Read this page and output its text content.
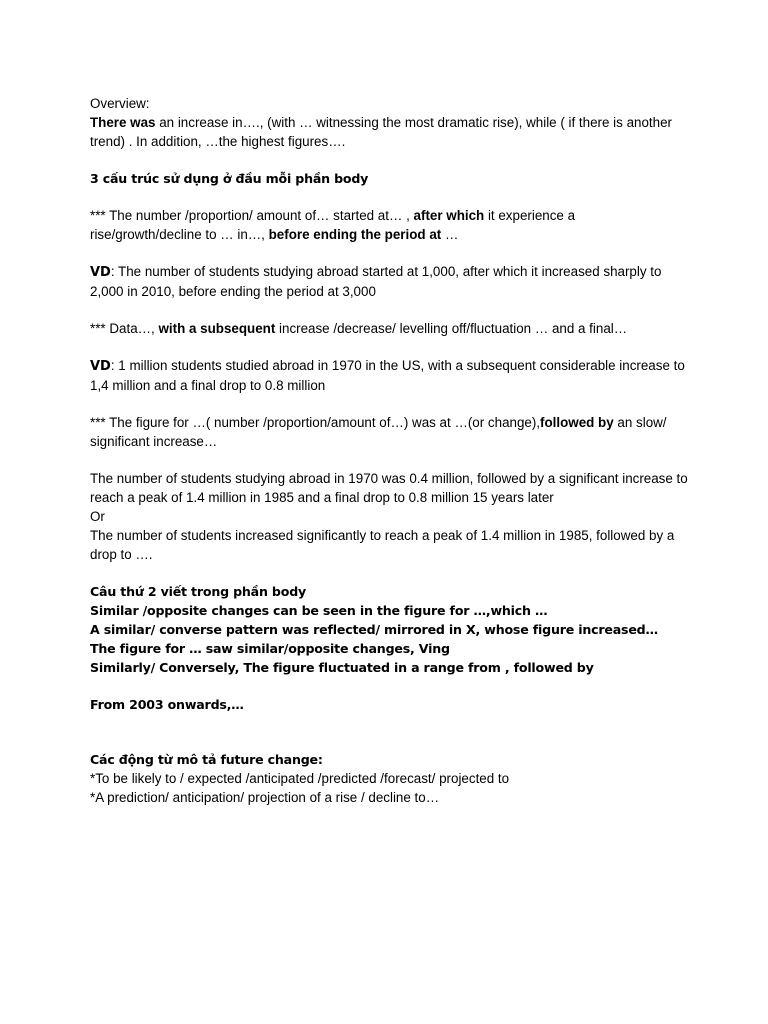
Overview:

There was an increase in…., (with … witnessing the most dramatic rise), while ( if there is another trend) . In addition, …the highest figures….

3 cấu trúc sử dụng ở đầu mỗi phần body

*** The number /proportion/ amount of… started at… , after which it experience a rise/growth/decline to … in…, before ending the period at …

VD: The number of students studying abroad started at 1,000, after which it increased sharply to 2,000 in 2010, before ending the period at 3,000

*** Data…, with a subsequent increase /decrease/ levelling off/fluctuation … and a final…

VD: 1 million students studied abroad in 1970 in the US, with a subsequent considerable increase to 1,4 million and a final drop to 0.8 million

*** The figure for …( number /proportion/amount of…) was at …(or change),followed by an slow/ significant increase…

The number of students studying abroad in 1970 was 0.4 million, followed by a significant increase to reach a peak of 1.4 million in 1985 and a final drop to 0.8 million 15 years later

Or

The number of students increased significantly to reach a peak of 1.4 million in 1985, followed by a drop to ….

Câu thứ 2 viết trong phần body

Similar /opposite changes can be seen in the figure for …,which …

A similar/ converse pattern was reflected/ mirrored in X, whose figure increased…

The figure for … saw similar/opposite changes, Ving

Similarly/ Conversely, The figure fluctuated in a range from , followed by

From 2003 onwards,…

Các động từ mô tả future change:

*To be likely to / expected /anticipated /predicted /forecast/ projected to

*A prediction/ anticipation/ projection of a rise / decline to…
